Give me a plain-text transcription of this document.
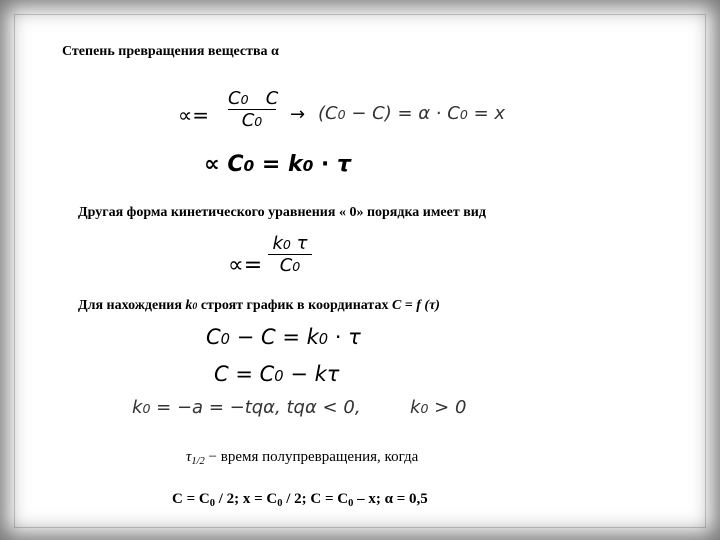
Степень превращения вещества α
∝=
C0 C
C0	→ (C0 − C) = α ⋅ C0 = x
∝ C0 = k0 ⋅ τ
Другая форма кинетического уравнения « 0» порядка имеет вид
∝=
k0 τ
C0
Для нахождения k0 строят график в координатах C = f (τ)
C0 − C = k0 ⋅ τ
C = C0 − kτ
k0 = −a = −tqα, tqα < 0,	k0 > 0
$\tau_{1/2}$ − время полупревращения, когда
$C = C_0 / 2$; $x = C_0 / 2$; $C = C_0 - x$; α = 0,5
